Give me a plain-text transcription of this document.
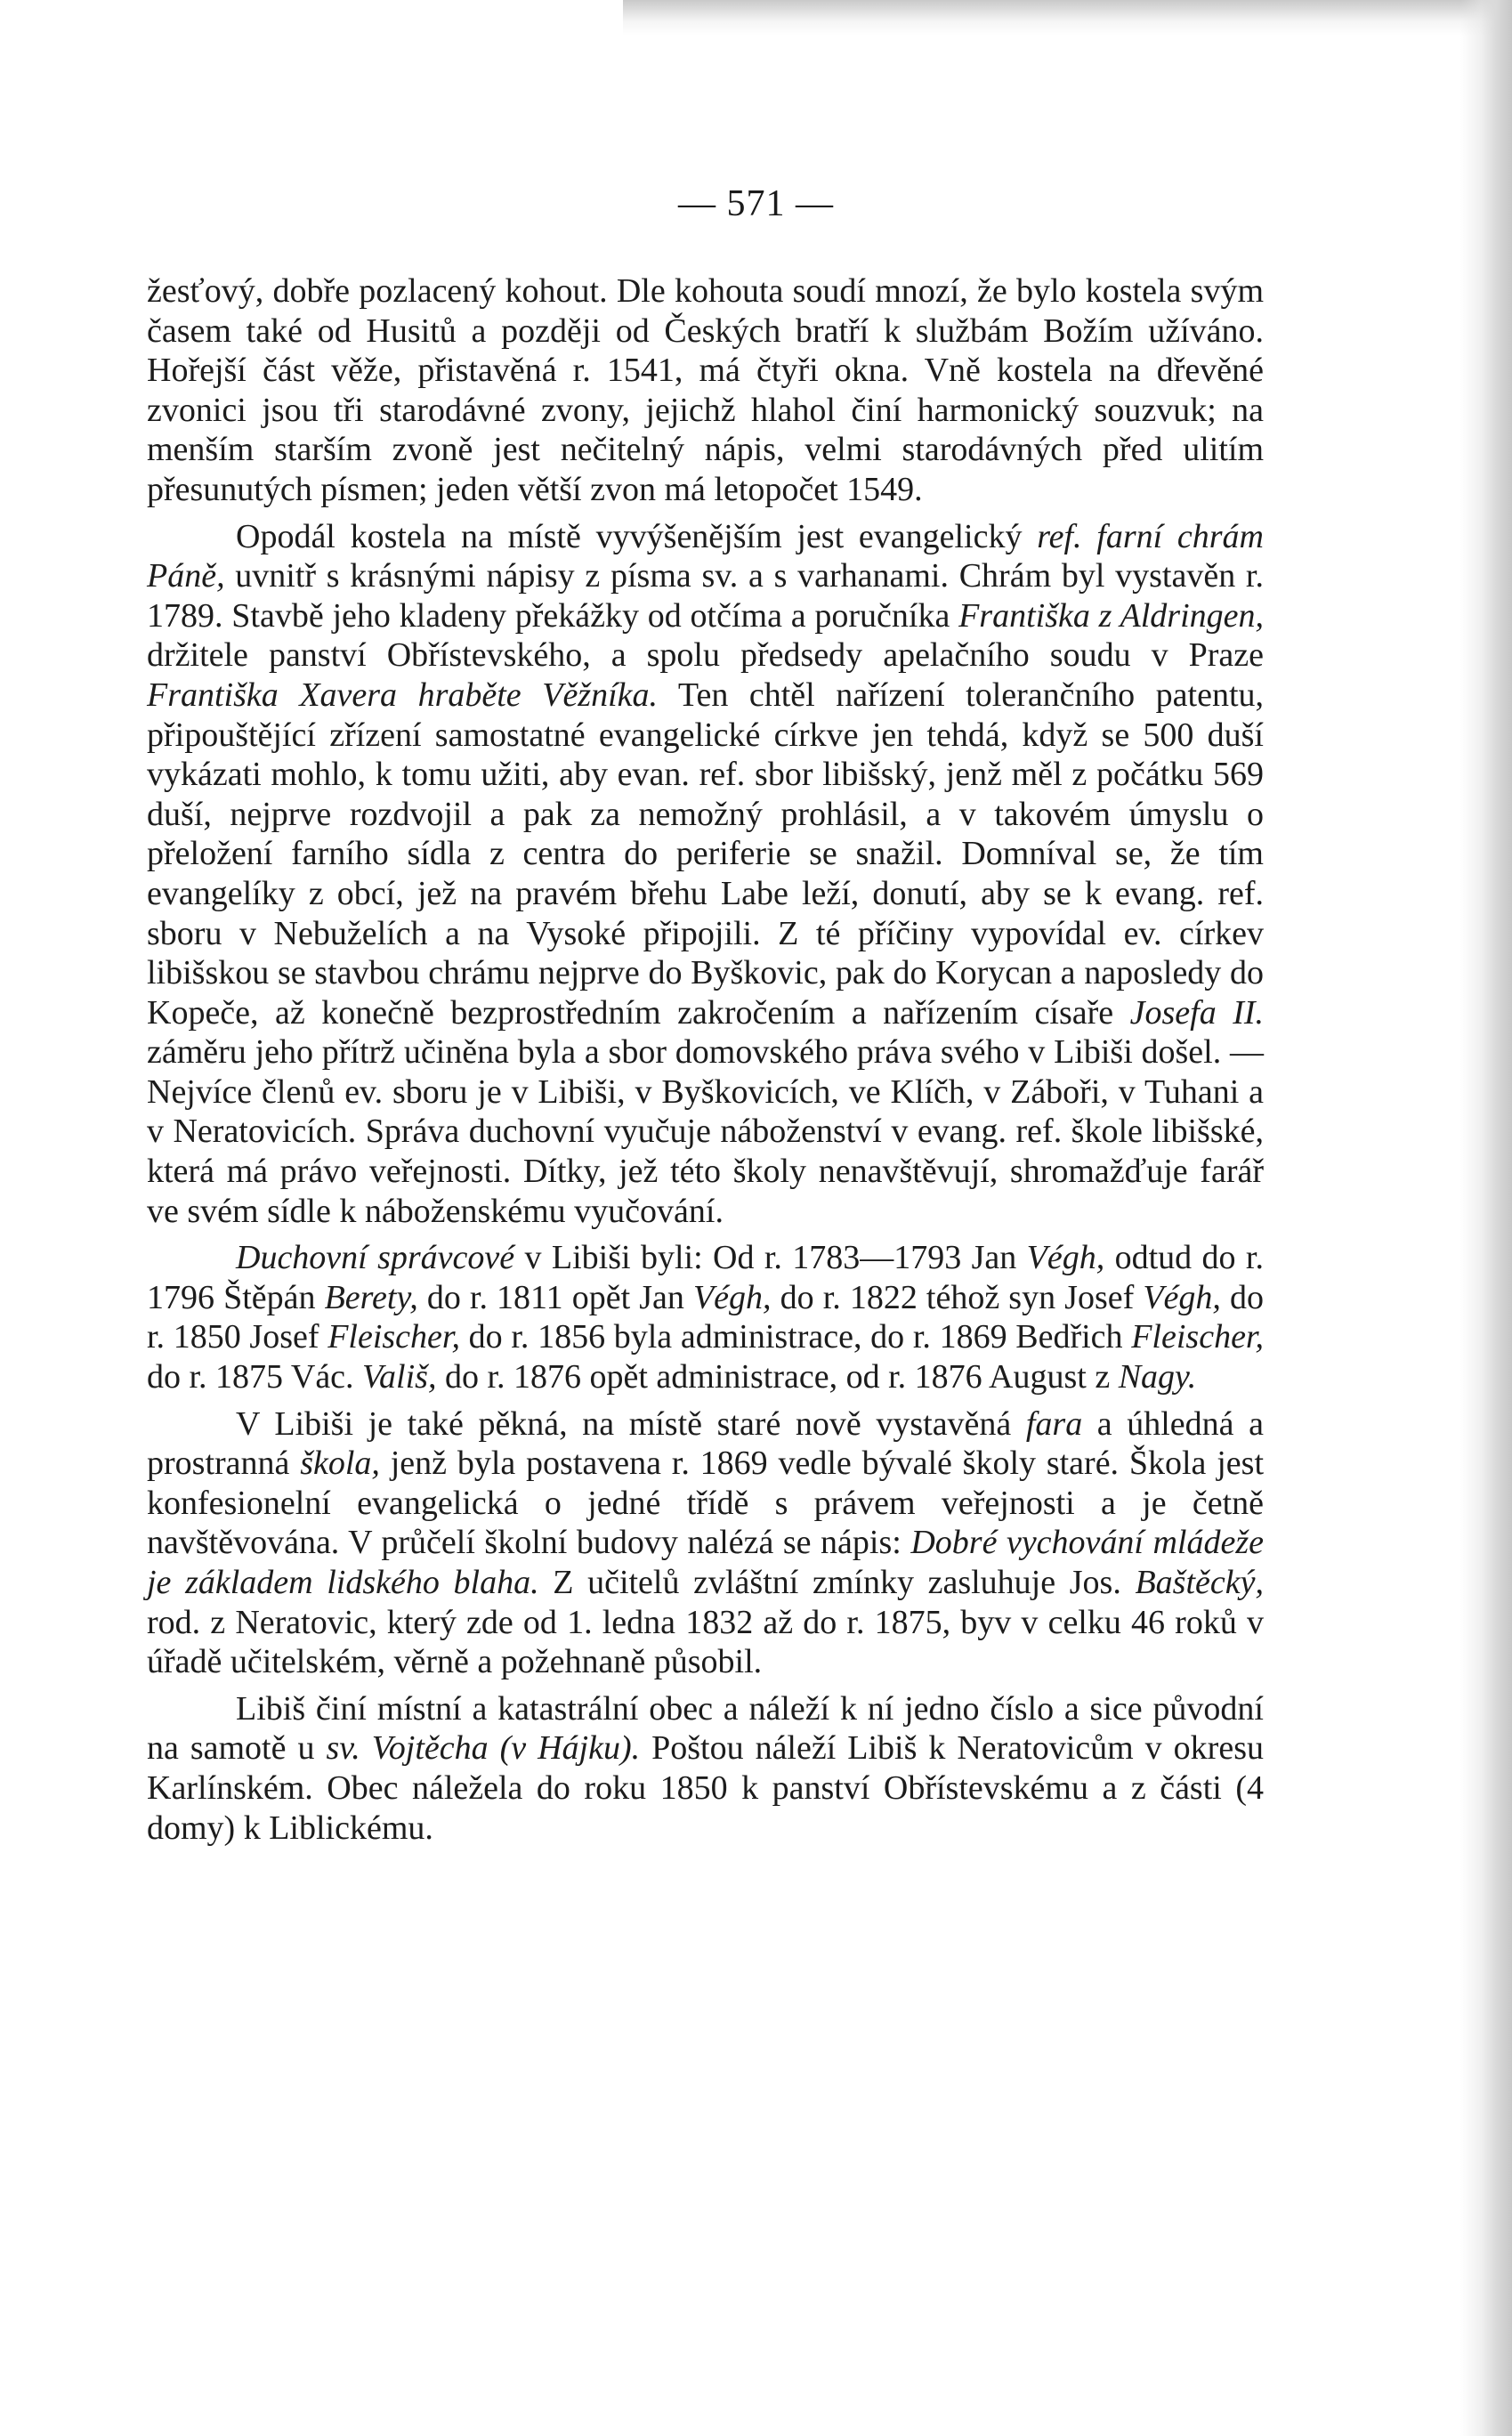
— 571 —

žesťový, dobře pozlacený kohout. Dle kohouta soudí mnozí, že bylo kostela svým časem také od Husitů a později od Českých bratří k službám Božím užíváno. Hořejší část věže, přistavěná r. 1541, má čtyři okna. Vně kostela na dřevěné zvonici jsou tři starodávné zvony, jejichž hlahol činí harmonický souzvuk; na menším starším zvoně jest nečitelný nápis, velmi starodávných před ulitím přesunutých písmen; jeden větší zvon má letopočet 1549.

Opodál kostela na místě vyvýšenějším jest evangelický ref. farní chrám Páně, uvnitř s krásnými nápisy z písma sv. a s varhanami. Chrám byl vystavěn r. 1789. Stavbě jeho kladeny překážky od otčíma a poručníka Františka z Aldringen, držitele panství Obřístevského, a spolu předsedy apelačního soudu v Praze Františka Xavera hraběte Věžníka. Ten chtěl nařízení tolerančního patentu, připouštějící zřízení samostatné evangelické církve jen tehdá, když se 500 duší vykázati mohlo, k tomu užiti, aby evan. ref. sbor libišský, jenž měl z počátku 569 duší, nejprve rozdvojil a pak za nemožný prohlásil, a v takovém úmyslu o přeložení farního sídla z centra do periferie se snažil. Domníval se, že tím evangelíky z obcí, jež na pravém břehu Labe leží, donutí, aby se k evang. ref. sboru v Nebuželích a na Vysoké připojili. Z té příčiny vypovídal ev. církev libišskou se stavbou chrámu nejprve do Byškovic, pak do Korycan a naposledy do Kopeče, až konečně bezprostředním zakročením a nařízením císaře Josefa II. záměru jeho přítrž učiněna byla a sbor domovského práva svého v Libiši došel. — Nejvíce členů ev. sboru je v Libiši, v Byškovicích, ve Klíčh, v Záboři, v Tuhani a v Neratovicích. Správa duchovní vyučuje náboženství v evang. ref. škole libišské, která má právo veřejnosti. Dítky, jež této školy nenavštěvují, shromažďuje farář ve svém sídle k náboženskému vyučování.

Duchovní správcové v Libiši byli: Od r. 1783—1793 Jan Végh, odtud do r. 1796 Štěpán Berety, do r. 1811 opět Jan Végh, do r. 1822 téhož syn Josef Végh, do r. 1850 Josef Fleischer, do r. 1856 byla administrace, do r. 1869 Bedřich Fleischer, do r. 1875 Vác. Vališ, do r. 1876 opět administrace, od r. 1876 August z Nagy.

V Libiši je také pěkná, na místě staré nově vystavěná fara a úhledná a prostranná škola, jenž byla postavena r. 1869 vedle bývalé školy staré. Škola jest konfesionelní evangelická o jedné třídě s právem veřejnosti a je četně navštěvována. V průčelí školní budovy nalézá se nápis: Dobré vychování mládeže je základem lidského blaha. Z učitelů zvláštní zmínky zasluhuje Jos. Baštěcký, rod. z Neratovic, který zde od 1. ledna 1832 až do r. 1875, byv v celku 46 roků v úřadě učitelském, věrně a požehnaně působil.

Libiš činí místní a katastrální obec a náleží k ní jedno číslo a sice původní na samotě u sv. Vojtěcha (v Hájku). Poštou náleží Libiš k Neratovicům v okresu Karlínském. Obec náležela do roku 1850 k panství Obřístevskému a z části (4 domy) k Liblickému.
